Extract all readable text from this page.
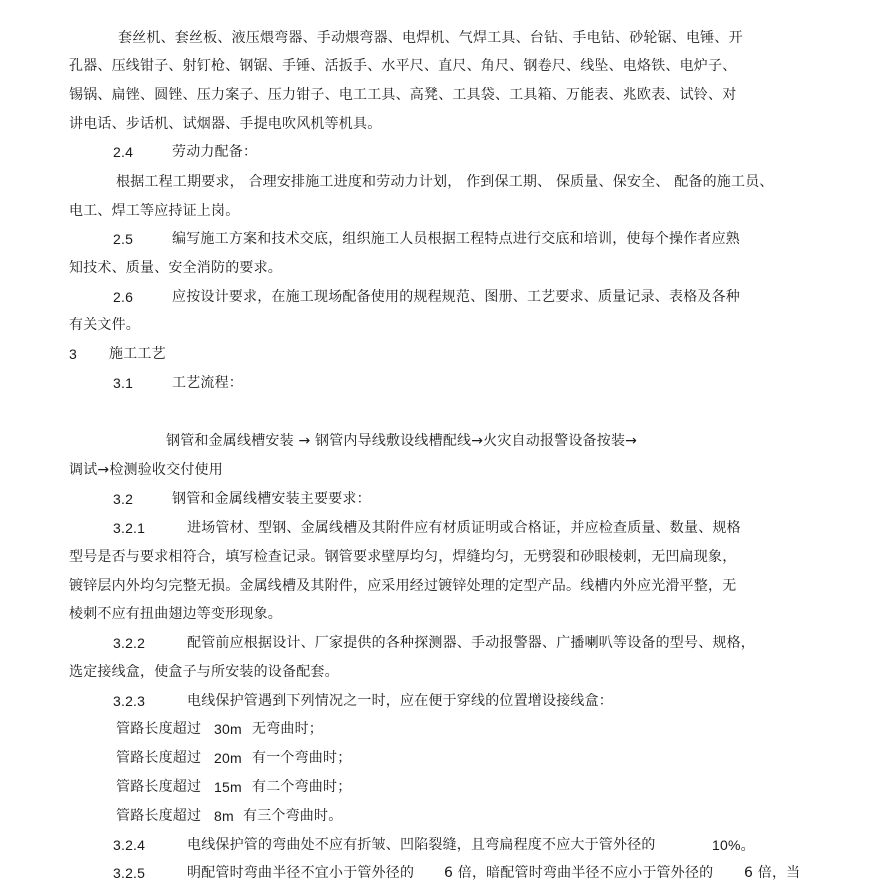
套丝机、套丝板、液压煨弯器、手动煨弯器、电焊机、气焊工具、台钻、手电钻、砂轮锯、电锤、开
孔器、压线钳子、射钉枪、钢锯、手锤、活扳手、水平尺、直尺、角尺、钢卷尺、线坠、电烙铁、电炉子、
锡锅、扁锉、圆锉、压力案子、压力钳子、电工工具、高凳、工具袋、工具箱、万能表、兆欧表、试铃、对
讲电话、步话机、试烟器、手提电吹风机等机具。
2.4	劳动力配备：
根据工程工期要求， 合理安排施工进度和劳动力计划， 作到保工期、 保质量、保安全、 配备的施工员、
电工、焊工等应持证上岗。
2.5	编写施工方案和技术交底，组织施工人员根据工程特点进行交底和培训，使每个操作者应熟
知技术、质量、安全消防的要求。
2.6	应按设计要求，在施工现场配备使用的规程规范、图册、工艺要求、质量记录、表格及各种
有关文件。
3 施工工艺
3.1	工艺流程：
钢管和金属线槽安装 → 钢管内导线敷设线槽配线→火灾自动报警设备按装→
调试→检测验收交付使用
3.2	钢管和金属线槽安装主要要求：
3.2.1	进场管材、型钢、金属线槽及其附件应有材质证明或合格证，并应检查质量、数量、规格
型号是否与要求相符合，填写检查记录。钢管要求壁厚均匀，焊缝均匀，无劈裂和砂眼棱刺，无凹扁现象，
镀锌层内外均匀完整无损。金属线槽及其附件，应采用经过镀锌处理的定型产品。线槽内外应光滑平整，无
棱刺不应有扭曲翅边等变形现象。
3.2.2	配管前应根据设计、厂家提供的各种探测器、手动报警器、广播喇叭等设备的型号、规格，
选定接线盒，使盒子与所安装的设备配套。
3.2.3	电线保护管遇到下列情况之一时，应在便于穿线的位置增设接线盒：
管路长度超过 30m 无弯曲时；
管路长度超过 20m 有一个弯曲时；
管路长度超过 15m 有二个弯曲时；
管路长度超过 8m 有三个弯曲时。
3.2.4	电线保护管的弯曲处不应有折皱、凹陷裂缝，且弯扁程度不应大于管外径的	10%。
3.2.5	明配管时弯曲半径不宜小于管外径的 6 倍，暗配管时弯曲半径不应小于管外径的 6 倍，当
